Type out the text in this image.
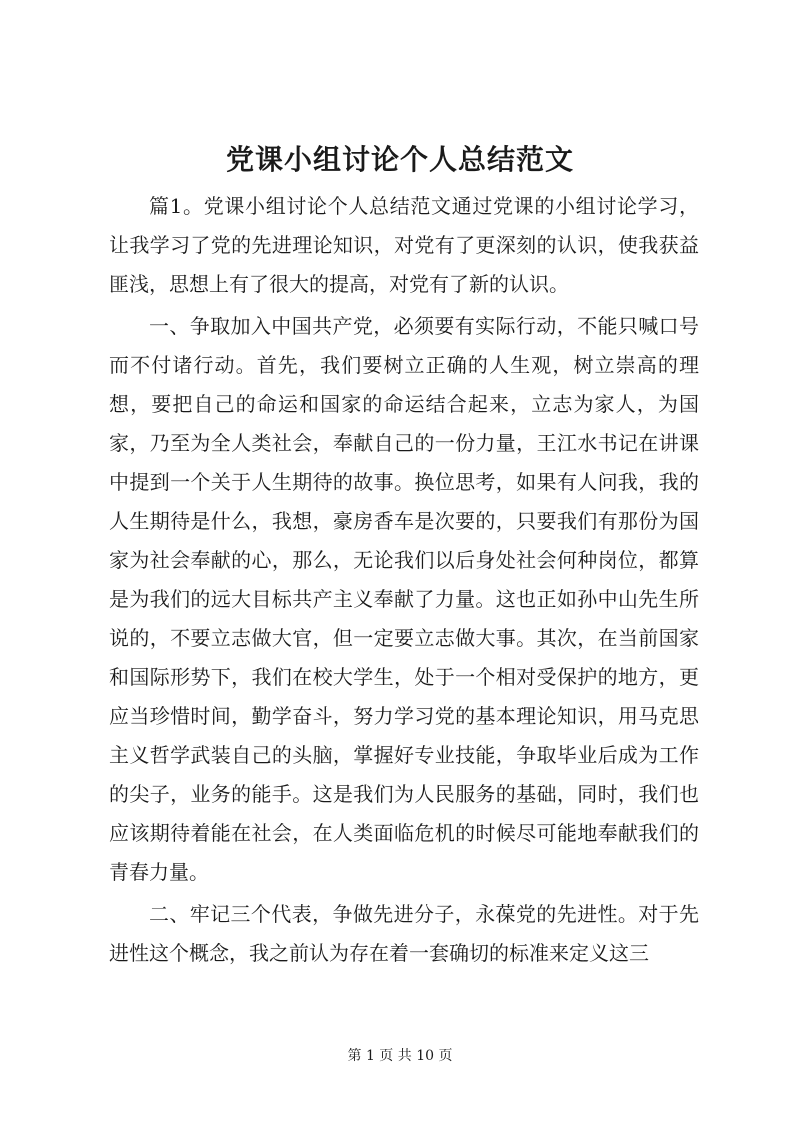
党课小组讨论个人总结范文

篇1。党课小组讨论个人总结范文通过党课的小组讨论学习，让我学习了党的先进理论知识，对党有了更深刻的认识，使我获益匪浅，思想上有了很大的提高，对党有了新的认识。

一、争取加入中国共产党，必须要有实际行动，不能只喊口号而不付诸行动。首先，我们要树立正确的人生观，树立崇高的理想，要把自己的命运和国家的命运结合起来，立志为家人，为国家，乃至为全人类社会，奉献自己的一份力量，王江水书记在讲课中提到一个关于人生期待的故事。换位思考，如果有人问我，我的人生期待是什么，我想，豪房香车是次要的，只要我们有那份为国家为社会奉献的心，那么，无论我们以后身处社会何种岗位，都算是为我们的远大目标共产主义奉献了力量。这也正如孙中山先生所说的，不要立志做大官，但一定要立志做大事。其次，在当前国家和国际形势下，我们在校大学生，处于一个相对受保护的地方，更应当珍惜时间，勤学奋斗，努力学习党的基本理论知识，用马克思主义哲学武装自己的头脑，掌握好专业技能，争取毕业后成为工作的尖子，业务的能手。这是我们为人民服务的基础，同时，我们也应该期待着能在社会，在人类面临危机的时候尽可能地奉献我们的青春力量。

二、牢记三个代表，争做先进分子，永葆党的先进性。对于先进性这个概念，我之前认为存在着一套确切的标准来定义这三

第 1 页 共 10 页
